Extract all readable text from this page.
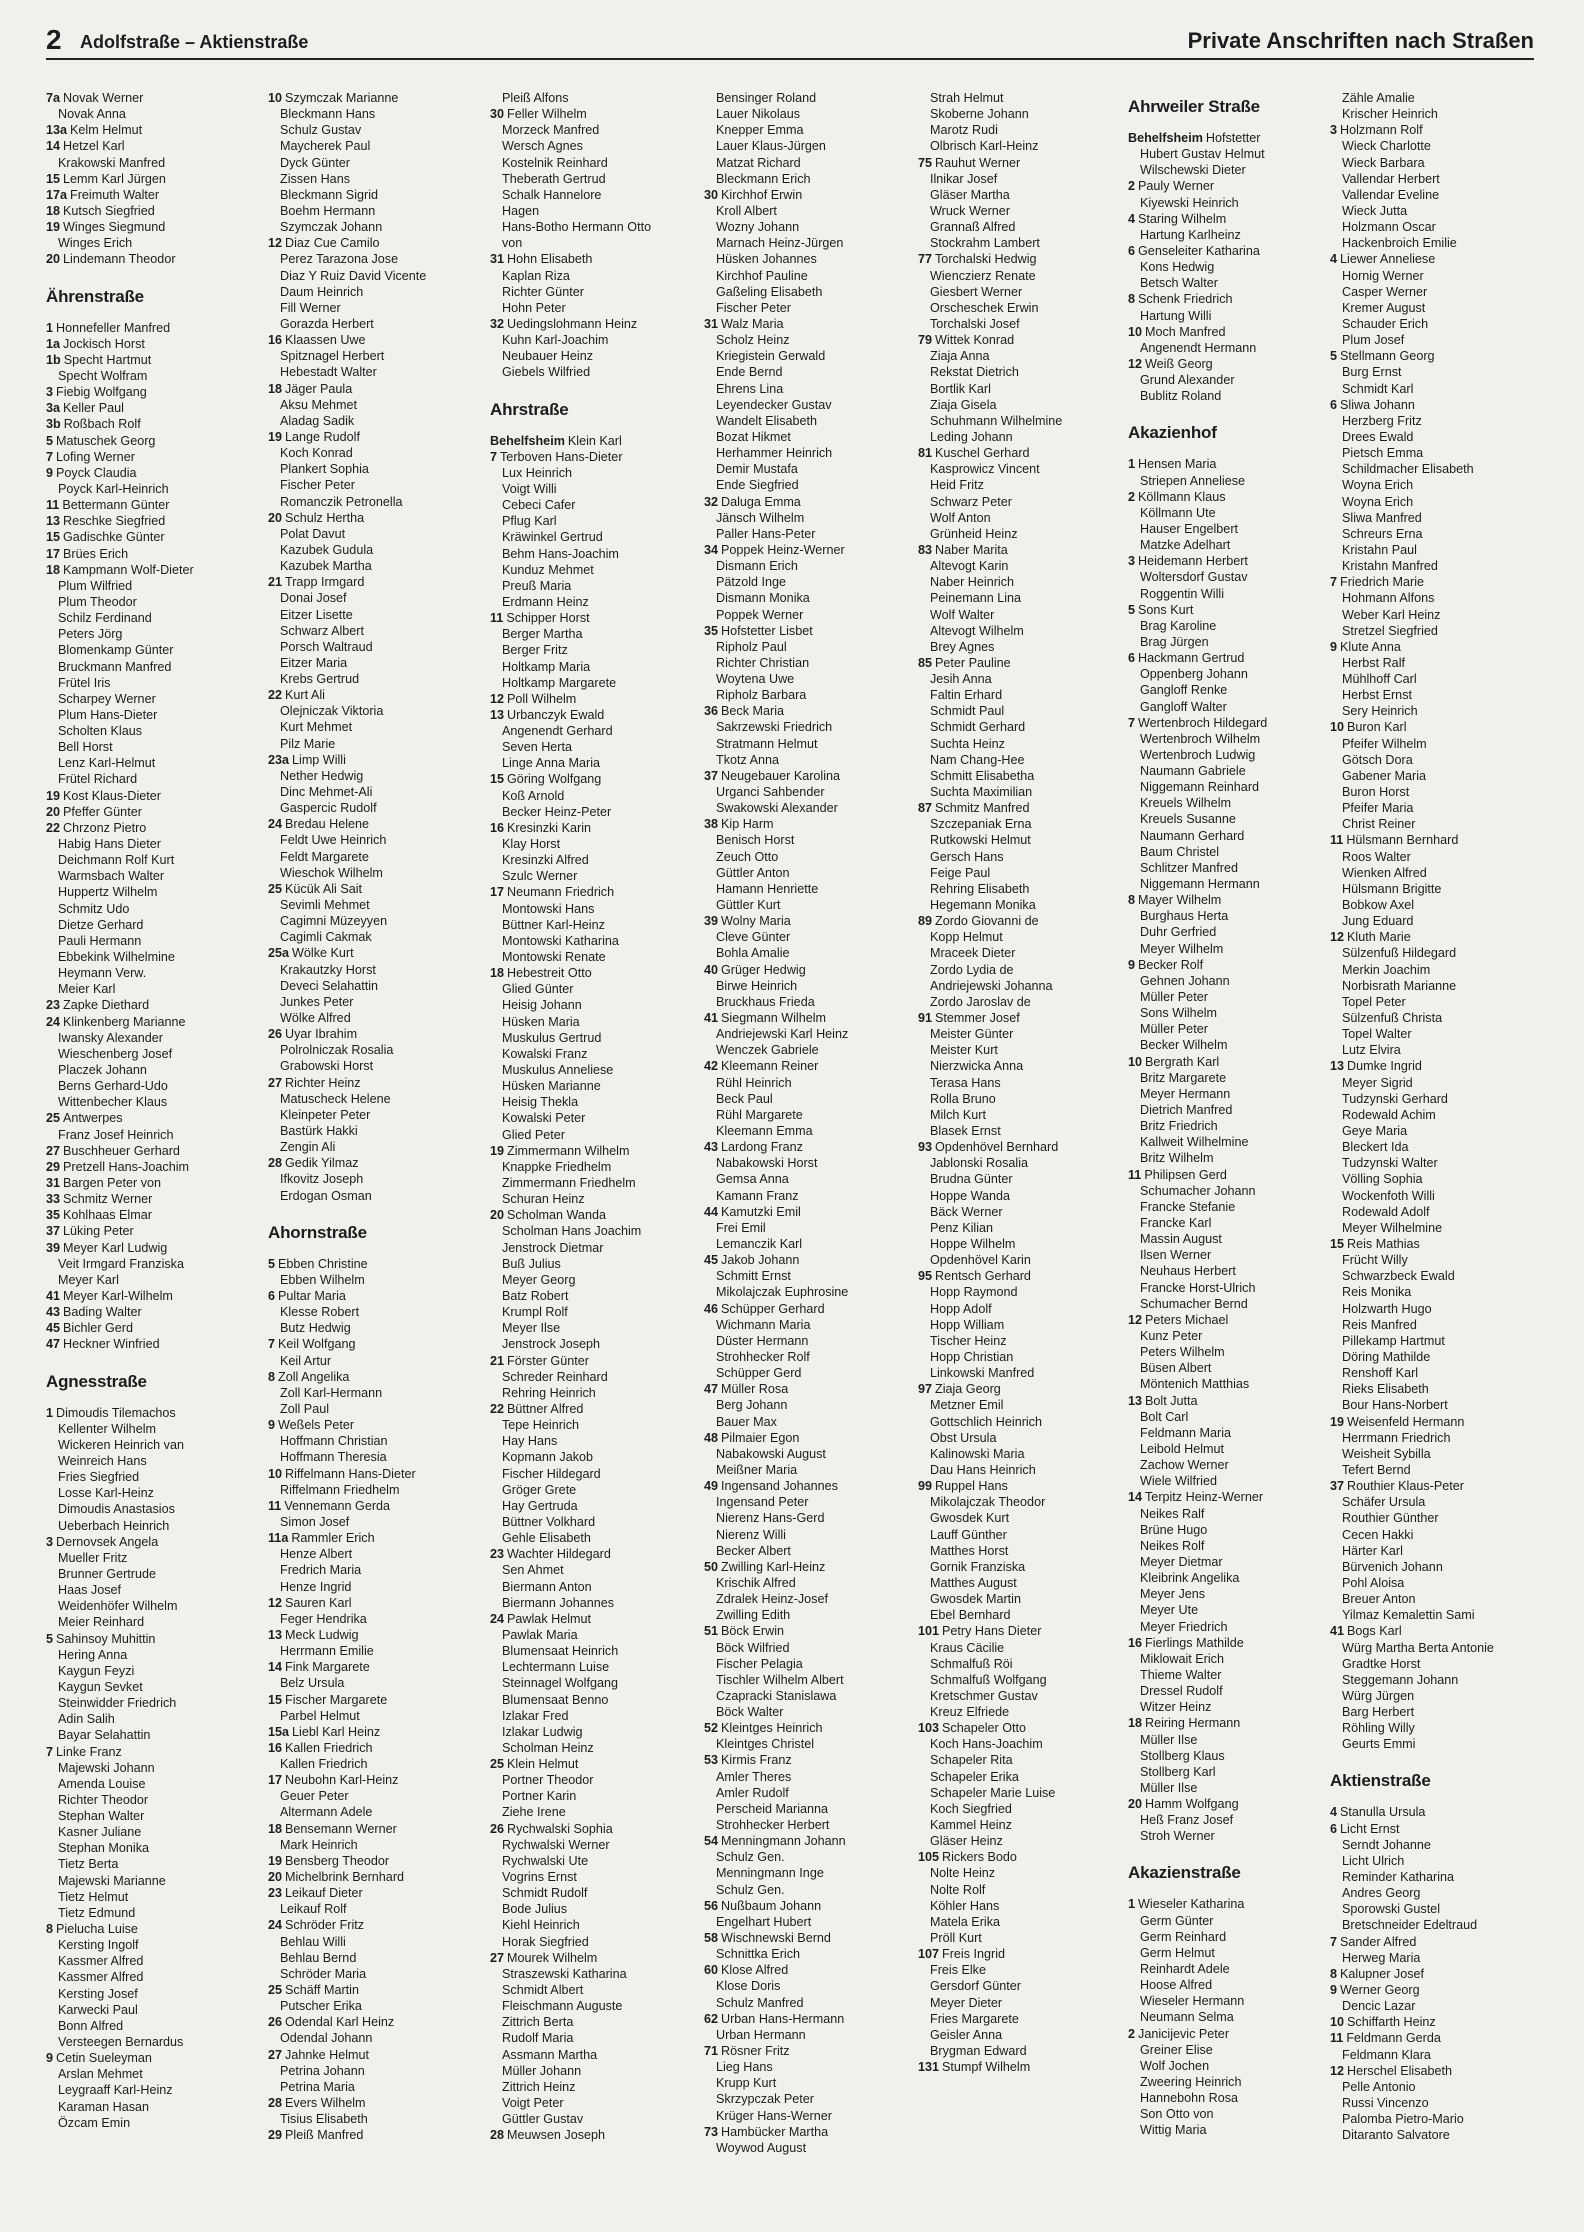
2 Adolfstraße – Aktienstraße	Private Anschriften nach Straßen
7a Novak Werner
Novak Anna
13a Kelm Helmut
14 Hetzel Karl
Krakowski Manfred
15 Lemm Karl Jürgen
17a Freimuth Walter
18 Kutsch Siegfried
19 Winges Siegmund
Winges Erich
20 Lindemann Theodor
Ährenstraße
1 Honnefeller Manfred
1a Jockisch Horst
1b Specht Hartmut
Specht Wolfram
3 Fiebig Wolfgang
3a Keller Paul
3b Roßbach Rolf
5 Matuschek Georg
7 Lofing Werner
9 Poyck Claudia
Poyck Karl-Heinrich
11 Bettermann Günter
13 Reschke Siegfried
15 Gadischke Günter
17 Brües Erich
18 Kampmann Wolf-Dieter
Plum Wilfried
Plum Theodor
Schilz Ferdinand
Peters Jörg
Blomenkamp Günter
Bruckmann Manfred
Frütel Iris
Scharpey Werner
Plum Hans-Dieter
Scholten Klaus
Bell Horst
Lenz Karl-Helmut
Frütel Richard
19 Kost Klaus-Dieter
20 Pfeffer Günter
22 Chrzonz Pietro
Habig Hans Dieter
Deichmann Rolf Kurt
Warmsbach Walter
Huppertz Wilhelm
Schmitz Udo
Dietze Gerhard
Pauli Hermann
Ebbekink Wilhelmine
Heymann Verw.
Meier Karl
23 Zapke Diethard
24 Klinkenberg Marianne
Iwansky Alexander
Wieschenberg Josef
Placzek Johann
Berns Gerhard-Udo
Wittenbecher Klaus
25 Antwerpes
Franz Josef Heinrich
27 Buschheuer Gerhard
29 Pretzell Hans-Joachim
31 Bargen Peter von
33 Schmitz Werner
35 Kohlhaas Elmar
37 Lüking Peter
39 Meyer Karl Ludwig
Veit Irmgard Franziska
Meyer Karl
41 Meyer Karl-Wilhelm
43 Bading Walter
45 Bichler Gerd
47 Heckner Winfried
Agnesstraße
1 Dimoudis Tilemachos
Kellenter Wilhelm
Wickeren Heinrich van
Weinreich Hans
Fries Siegfried
Losse Karl-Heinz
Dimoudis Anastasios
Ueberbach Heinrich
3 Dernovsek Angela
Mueller Fritz
Brunner Gertrude
Haas Josef
Weidenhöfer Wilhelm
Meier Reinhard
5 Sahinsoy Muhittin
Hering Anna
Kaygun Feyzi
Kaygun Sevket
Steinwidder Friedrich
Adin Salih
Bayar Selahattin
7 Linke Franz
Majewski Johann
Amenda Louise
Richter Theodor
Stephan Walter
Kasner Juliane
Stephan Monika
Tietz Berta
Majewski Marianne
Tietz Helmut
Tietz Edmund
8 Pielucha Luise
Kersting Ingolf
Kassmer Alfred
Kassmer Alfred
Kersting Josef
Karwecki Paul
Bonn Alfred
Versteegen Bernardus
9 Cetin Sueleyman
Arslan Mehmet
Leygraaff Karl-Heinz
Karaman Hasan
Özcam Emin
10 Szymczak Marianne
Bleckmann Hans
Schulz Gustav
Maycherek Paul
Dyck Günter
Zissen Hans
Bleckmann Sigrid
Boehm Hermann
Szymczak Johann
12 Diaz Cue Camilo
Perez Tarazona Jose
Diaz Y Ruiz David Vicente
Daum Heinrich
Fill Werner
Gorazda Herbert
16 Klaassen Uwe
Spitznagel Herbert
Hebestadt Walter
18 Jäger Paula
Aksu Mehmet
Aladag Sadik
19 Lange Rudolf
Koch Konrad
Plankert Sophia
Fischer Peter
Romanczik Petronella
20 Schulz Hertha
Polat Davut
Kazubek Gudula
Kazubek Martha
21 Trapp Irmgard
Donai Josef
Eitzer Lisette
Schwarz Albert
Porsch Waltraud
Eitzer Maria
Krebs Gertrud
22 Kurt Ali
Olejniczak Viktoria
Kurt Mehmet
Pilz Marie
23a Limp Willi
Nether Hedwig
Dinc Mehmet-Ali
Gaspercic Rudolf
24 Bredau Helene
Feldt Uwe Heinrich
Feldt Margarete
Wieschok Wilhelm
25 Kücük Ali Sait
Sevimli Mehmet
Cagimni Müzeyyen
Cagimli Cakmak
25a Wölke Kurt
Krakautzky Horst
Deveci Selahattin
Junkes Peter
Wölke Alfred
26 Uyar Ibrahim
Polrolniczak Rosalia
Grabowski Horst
27 Richter Heinz
Matuscheck Helene
Kleinpeter Peter
Bastürk Hakki
Zengin Ali
28 Gedik Yilmaz
Ifkovitz Joseph
Erdogan Osman
Ahornstraße
5 Ebben Christine
Ebben Wilhelm
6 Pultar Maria
Klesse Robert
Butz Hedwig
7 Keil Wolfgang
Keil Artur
8 Zoll Angelika
Zoll Karl-Hermann
Zoll Paul
9 Weßels Peter
Hoffmann Christian
Hoffmann Theresia
10 Riffelmann Hans-Dieter
Riffelmann Friedhelm
11 Vennemann Gerda
Simon Josef
11a Rammler Erich
Henze Albert
Fredrich Maria
Henze Ingrid
12 Sauren Karl
Feger Hendrika
13 Meck Ludwig
Herrmann Emilie
14 Fink Margarete
Belz Ursula
15 Fischer Margarete
Parbel Helmut
15a Liebl Karl Heinz
16 Kallen Friedrich
Kallen Friedrich
17 Neubohn Karl-Heinz
Geuer Peter
Altermann Adele
18 Bensemann Werner
Mark Heinrich
19 Bensberg Theodor
20 Michelbrink Bernhard
23 Leikauf Dieter
Leikauf Rolf
24 Schröder Fritz
Behlau Willi
Behlau Bernd
Schröder Maria
25 Schäff Martin
Putscher Erika
26 Odendal Karl Heinz
Odendal Johann
27 Jahnke Helmut
Petrina Johann
Petrina Maria
28 Evers Wilhelm
Tisius Elisabeth
29 Pleiß Manfred
Pleiß Alfons
30 Feller Wilhelm
Morzeck Manfred
Wersch Agnes
Kostelnik Reinhard
Theberath Gertrud
Schalk Hannelore
Hagen
Hans-Botho Hermann Otto
von
31 Hohn Elisabeth
Kaplan Riza
Richter Günter
Hohn Peter
32 Uedingslohmann Heinz
Kuhn Karl-Joachim
Neubauer Heinz
Giebels Wilfried
Ahrstraße
Behelfsheim Klein Karl
7 Terboven Hans-Dieter
Lux Heinrich
Voigt Willi
Cebeci Cafer
Pflug Karl
Kräwinkel Gertrud
Behm Hans-Joachim
Kunduz Mehmet
Preuß Maria
Erdmann Heinz
11 Schipper Horst
Berger Martha
Berger Fritz
Holtkamp Maria
Holtkamp Margarete
12 Poll Wilhelm
13 Urbanczyk Ewald
Angenendt Gerhard
Seven Herta
Linge Anna Maria
15 Göring Wolfgang
Koß Arnold
Becker Heinz-Peter
16 Kresinzki Karin
Klay Horst
Kresinzki Alfred
Szulc Werner
17 Neumann Friedrich
Montowski Hans
Büttner Karl-Heinz
Montowski Katharina
Montowski Renate
18 Hebestreit Otto
Glied Günter
Heisig Johann
Hüsken Maria
Muskulus Gertrud
Kowalski Franz
Muskulus Anneliese
Hüsken Marianne
Heisig Thekla
Kowalski Peter
Glied Peter
19 Zimmermann Wilhelm
Knappke Friedhelm
Zimmermann Friedhelm
Schuran Heinz
20 Scholman Wanda
Scholman Hans Joachim
Jenstrock Dietmar
Buß Julius
Meyer Georg
Batz Robert
Krumpl Rolf
Meyer Ilse
Jenstrock Joseph
21 Förster Günter
Schreder Reinhard
Rehring Heinrich
22 Büttner Alfred
Tepe Heinrich
Hay Hans
Kopmann Jakob
Fischer Hildegard
Gröger Grete
Hay Gertruda
Büttner Volkhard
Gehle Elisabeth
23 Wachter Hildegard
Sen Ahmet
Biermann Anton
Biermann Johannes
24 Pawlak Helmut
Pawlak Maria
Blumensaat Heinrich
Lechtermann Luise
Steinnagel Wolfgang
Blumensaat Benno
Izlakar Fred
Izlakar Ludwig
Scholman Heinz
25 Klein Helmut
Portner Theodor
Portner Karin
Ziehe Irene
26 Rychwalski Sophia
Rychwalski Werner
Rychwalski Ute
Vogrins Ernst
Schmidt Rudolf
Bode Julius
Kiehl Heinrich
Horak Siegfried
27 Mourek Wilhelm
Straszewski Katharina
Schmidt Albert
Fleischmann Auguste
Zittrich Berta
Rudolf Maria
Assmann Martha
Müller Johann
Zittrich Heinz
Voigt Peter
Güttler Gustav
28 Meuwsen Joseph
Bensinger Roland
Lauer Nikolaus
Knepper Emma
Lauer Klaus-Jürgen
Matzat Richard
Bleckmann Erich
30 Kirchhof Erwin
Kroll Albert
Wozny Johann
Marnach Heinz-Jürgen
Hüsken Johannes
Kirchhof Pauline
Gaßeling Elisabeth
Fischer Peter
31 Walz Maria
Scholz Heinz
Kriegistein Gerwald
Ende Bernd
Ehrens Lina
Leyendecker Gustav
Wandelt Elisabeth
Bozat Hikmet
Herhammer Heinrich
Demir Mustafa
Ende Siegfried
32 Daluga Emma
Jänsch Wilhelm
Paller Hans-Peter
34 Poppek Heinz-Werner
Dismann Erich
Pätzold Inge
Dismann Monika
Poppek Werner
35 Hofstetter Lisbet
Ripholz Paul
Richter Christian
Woytena Uwe
Ripholz Barbara
36 Beck Maria
Sakrzewski Friedrich
Stratmann Helmut
Tkotz Anna
37 Neugebauer Karolina
Urganci Sahbender
Swakowski Alexander
38 Kip Harm
Benisch Horst
Zeuch Otto
Güttler Anton
Hamann Henriette
Güttler Kurt
39 Wolny Maria
Cleve Günter
Bohla Amalie
40 Grüger Hedwig
Birwe Heinrich
Bruckhaus Frieda
41 Siegmann Wilhelm
Andriejewski Karl Heinz
Wenczek Gabriele
42 Kleemann Reiner
Rühl Heinrich
Beck Paul
Rühl Margarete
Kleemann Emma
43 Lardong Franz
Nabakowski Horst
Gemsa Anna
Kamann Franz
44 Kamutzki Emil
Frei Emil
Lemanczik Karl
45 Jakob Johann
Schmitt Ernst
Mikolajczak Euphrosine
46 Schüpper Gerhard
Wichmann Maria
Düster Hermann
Strohhecker Rolf
Schüpper Gerd
47 Müller Rosa
Berg Johann
Bauer Max
48 Pilmaier Egon
Nabakowski August
Meißner Maria
49 Ingensand Johannes
Ingensand Peter
Nierenz Hans-Gerd
Nierenz Willi
Becker Albert
50 Zwilling Karl-Heinz
Krischik Alfred
Zdralek Heinz-Josef
Zwilling Edith
51 Böck Erwin
Böck Wilfried
Fischer Pelagia
Tischler Wilhelm Albert
Czapracki Stanislawa
Böck Walter
52 Kleintges Heinrich
Kleintges Christel
53 Kirmis Franz
Amler Theres
Amler Rudolf
Perscheid Marianna
Strohhecker Herbert
54 Menningmann Johann
Schulz Gen.
Menningmann Inge
Schulz Gen.
56 Nußbaum Johann
Engelhart Hubert
58 Wischnewski Bernd
Schnittka Erich
60 Klose Alfred
Klose Doris
Schulz Manfred
62 Urban Hans-Hermann
Urban Hermann
71 Rösner Fritz
Lieg Hans
Krupp Kurt
Skrzypczak Peter
Krüger Hans-Werner
73 Hambücker Martha
Woywod August
Strah Helmut
Skoberne Johann
Marotz Rudi
Olbrisch Karl-Heinz
75 Rauhut Werner
Ilnikar Josef
Gläser Martha
Wruck Werner
Grannaß Alfred
Stockrahm Lambert
77 Torchalski Hedwig
Wienczierz Renate
Giesbert Werner
Orscheschek Erwin
Torchalski Josef
79 Wittek Konrad
Ziaja Anna
Rekstat Dietrich
Bortlik Karl
Ziaja Gisela
Schuhmann Wilhelmine
Leding Johann
81 Kuschel Gerhard
Kasprowicz Vincent
Heid Fritz
Schwarz Peter
Wolf Anton
Grünheid Heinz
83 Naber Marita
Altevogt Karin
Naber Heinrich
Peinemann Lina
Wolf Walter
Altevogt Wilhelm
Brey Agnes
85 Peter Pauline
Jesih Anna
Faltin Erhard
Schmidt Paul
Schmidt Gerhard
Suchta Heinz
Nam Chang-Hee
Schmitt Elisabetha
Suchta Maximilian
87 Schmitz Manfred
Szczepaniak Erna
Rutkowski Helmut
Gersch Hans
Feige Paul
Rehring Elisabeth
Hegemann Monika
89 Zordo Giovanni de
Kopp Helmut
Mraceek Dieter
Zordo Lydia de
Andriejewski Johanna
Zordo Jaroslav de
91 Stemmer Josef
Meister Günter
Meister Kurt
Nierzwicka Anna
Terasa Hans
Rolla Bruno
Milch Kurt
Blasek Ernst
93 Opdenhövel Bernhard
Jablonski Rosalia
Brudna Günter
Hoppe Wanda
Bäck Werner
Penz Kilian
Hoppe Wilhelm
Opdenhövel Karin
95 Rentsch Gerhard
Hopp Raymond
Hopp Adolf
Hopp William
Tischer Heinz
Hopp Christian
Linkowski Manfred
97 Ziaja Georg
Metzner Emil
Gottschlich Heinrich
Obst Ursula
Kalinowski Maria
Dau Hans Heinrich
99 Ruppel Hans
Mikolajczak Theodor
Gwosdek Kurt
Lauff Günther
Matthes Horst
Gornik Franziska
Matthes August
Gwosdek Martin
Ebel Bernhard
101 Petry Hans Dieter
Kraus Cäcilie
Schmalfuß Röi
Schmalfuß Wolfgang
Kretschmer Gustav
Kreuz Elfriede
103 Schapeler Otto
Koch Hans-Joachim
Schapeler Rita
Schapeler Erika
Schapeler Marie Luise
Koch Siegfried
Kammel Heinz
Gläser Heinz
105 Rickers Bodo
Nolte Heinz
Nolte Rolf
Köhler Hans
Matela Erika
Pröll Kurt
107 Freis Ingrid
Freis Elke
Gersdorf Günter
Meyer Dieter
Fries Margarete
Geisler Anna
Brygman Edward
131 Stumpf Wilhelm
Ahrweiler Straße
Behelfsheim Hofstetter
Hubert Gustav Helmut
Wilschewski Dieter
2 Pauly Werner
Kiyewski Heinrich
4 Staring Wilhelm
Hartung Karlheinz
6 Genseleiter Katharina
Kons Hedwig
Betsch Walter
8 Schenk Friedrich
Hartung Willi
10 Moch Manfred
Angenendt Hermann
12 Weiß Georg
Grund Alexander
Bublitz Roland
Akazienhof
1 Hensen Maria
Striepen Anneliese
2 Köllmann Klaus
Köllmann Ute
Hauser Engelbert
Matzke Adelhart
3 Heidemann Herbert
Woltersdorf Gustav
Roggentin Willi
5 Sons Kurt
Brag Karoline
Brag Jürgen
6 Hackmann Gertrud
Oppenberg Johann
Gangloff Renke
Gangloff Walter
7 Wertenbroch Hildegard
Wertenbroch Wilhelm
Wertenbroch Ludwig
Naumann Gabriele
Niggemann Reinhard
Kreuels Wilhelm
Kreuels Susanne
Naumann Gerhard
Baum Christel
Schlitzer Manfred
Niggemann Hermann
8 Mayer Wilhelm
Burghaus Herta
Duhr Gerfried
Meyer Wilhelm
9 Becker Rolf
Gehnen Johann
Müller Peter
Sons Wilhelm
Müller Peter
Becker Wilhelm
10 Bergrath Karl
Britz Margarete
Meyer Hermann
Dietrich Manfred
Britz Friedrich
Kallweit Wilhelmine
Britz Wilhelm
11 Philipsen Gerd
Schumacher Johann
Francke Stefanie
Francke Karl
Massin August
Ilsen Werner
Neuhaus Herbert
Francke Horst-Ulrich
Schumacher Bernd
12 Peters Michael
Kunz Peter
Peters Wilhelm
Büsen Albert
Möntenich Matthias
13 Bolt Jutta
Bolt Carl
Feldmann Maria
Leibold Helmut
Zachow Werner
Wiele Wilfried
14 Terpitz Heinz-Werner
Neikes Ralf
Brüne Hugo
Neikes Rolf
Meyer Dietmar
Kleibrink Angelika
Meyer Jens
Meyer Ute
Meyer Friedrich
16 Fierlings Mathilde
Miklowait Erich
Thieme Walter
Dressel Rudolf
Witzer Heinz
18 Reiring Hermann
Müller Ilse
Stollberg Klaus
Stollberg Karl
Müller Ilse
20 Hamm Wolfgang
Heß Franz Josef
Stroh Werner
Akazienstraße
1 Wieseler Katharina
Germ Günter
Germ Reinhard
Germ Helmut
Reinhardt Adele
Hoose Alfred
Wieseler Hermann
Neumann Selma
2 Janicijevic Peter
Greiner Elise
Wolf Jochen
Zweering Heinrich
Hannebohn Rosa
Son Otto von
Wittig Maria
Zähle Amalie
Krischer Heinrich
3 Holzmann Rolf
Wieck Charlotte
Wieck Barbara
Vallendar Herbert
Vallendar Eveline
Wieck Jutta
Holzmann Oscar
Hackenbroich Emilie
4 Liewer Anneliese
Hornig Werner
Casper Werner
Kremer August
Schauder Erich
Plum Josef
5 Stellmann Georg
Burg Ernst
Schmidt Karl
6 Sliwa Johann
Herzberg Fritz
Drees Ewald
Pietsch Emma
Schildmacher Elisabeth
Woyna Erich
Woyna Erich
Sliwa Manfred
Schreurs Erna
Kristahn Paul
Kristahn Manfred
7 Friedrich Marie
Hohmann Alfons
Weber Karl Heinz
Stretzel Siegfried
9 Klute Anna
Herbst Ralf
Mühlhoff Carl
Herbst Ernst
Sery Heinrich
10 Buron Karl
Pfeifer Wilhelm
Götsch Dora
Gabener Maria
Buron Horst
Pfeifer Maria
Christ Reiner
11 Hülsmann Bernhard
Roos Walter
Wienken Alfred
Hülsmann Brigitte
Bobkow Axel
Jung Eduard
12 Kluth Marie
Sülzenfuß Hildegard
Merkin Joachim
Norbisrath Marianne
Topel Peter
Sülzenfuß Christa
Topel Walter
Lutz Elvira
13 Dumke Ingrid
Meyer Sigrid
Tudzynski Gerhard
Rodewald Achim
Geye Maria
Bleckert Ida
Tudzynski Walter
Völling Sophia
Wockenfoth Willi
Rodewald Adolf
Meyer Wilhelmine
15 Reis Mathias
Frücht Willy
Schwarzbeck Ewald
Reis Monika
Holzwarth Hugo
Reis Manfred
Pillekamp Hartmut
Döring Mathilde
Renshoff Karl
Rieks Elisabeth
Bour Hans-Norbert
19 Weisenfeld Hermann
Herrmann Friedrich
Weisheit Sybilla
Tefert Bernd
37 Routhier Klaus-Peter
Schäfer Ursula
Routhier Günther
Cecen Hakki
Härter Karl
Bürvenich Johann
Pohl Aloisa
Breuer Anton
Yilmaz Kemalettin Sami
41 Bogs Karl
Würg Martha Berta Antonie
Gradtke Horst
Steggemann Johann
Würg Jürgen
Barg Herbert
Röhling Willy
Geurts Emmi
Aktienstraße
4 Stanulla Ursula
6 Licht Ernst
Serndt Johanne
Licht Ulrich
Reminder Katharina
Andres Georg
Sporowski Gustel
Bretschneider Edeltraud
7 Sander Alfred
Herweg Maria
8 Kalupner Josef
9 Werner Georg
Dencic Lazar
10 Schiffarth Heinz
11 Feldmann Gerda
Feldmann Klara
12 Herschel Elisabeth
Pelle Antonio
Russi Vincenzo
Palomba Pietro-Mario
Ditaranto Salvatore
